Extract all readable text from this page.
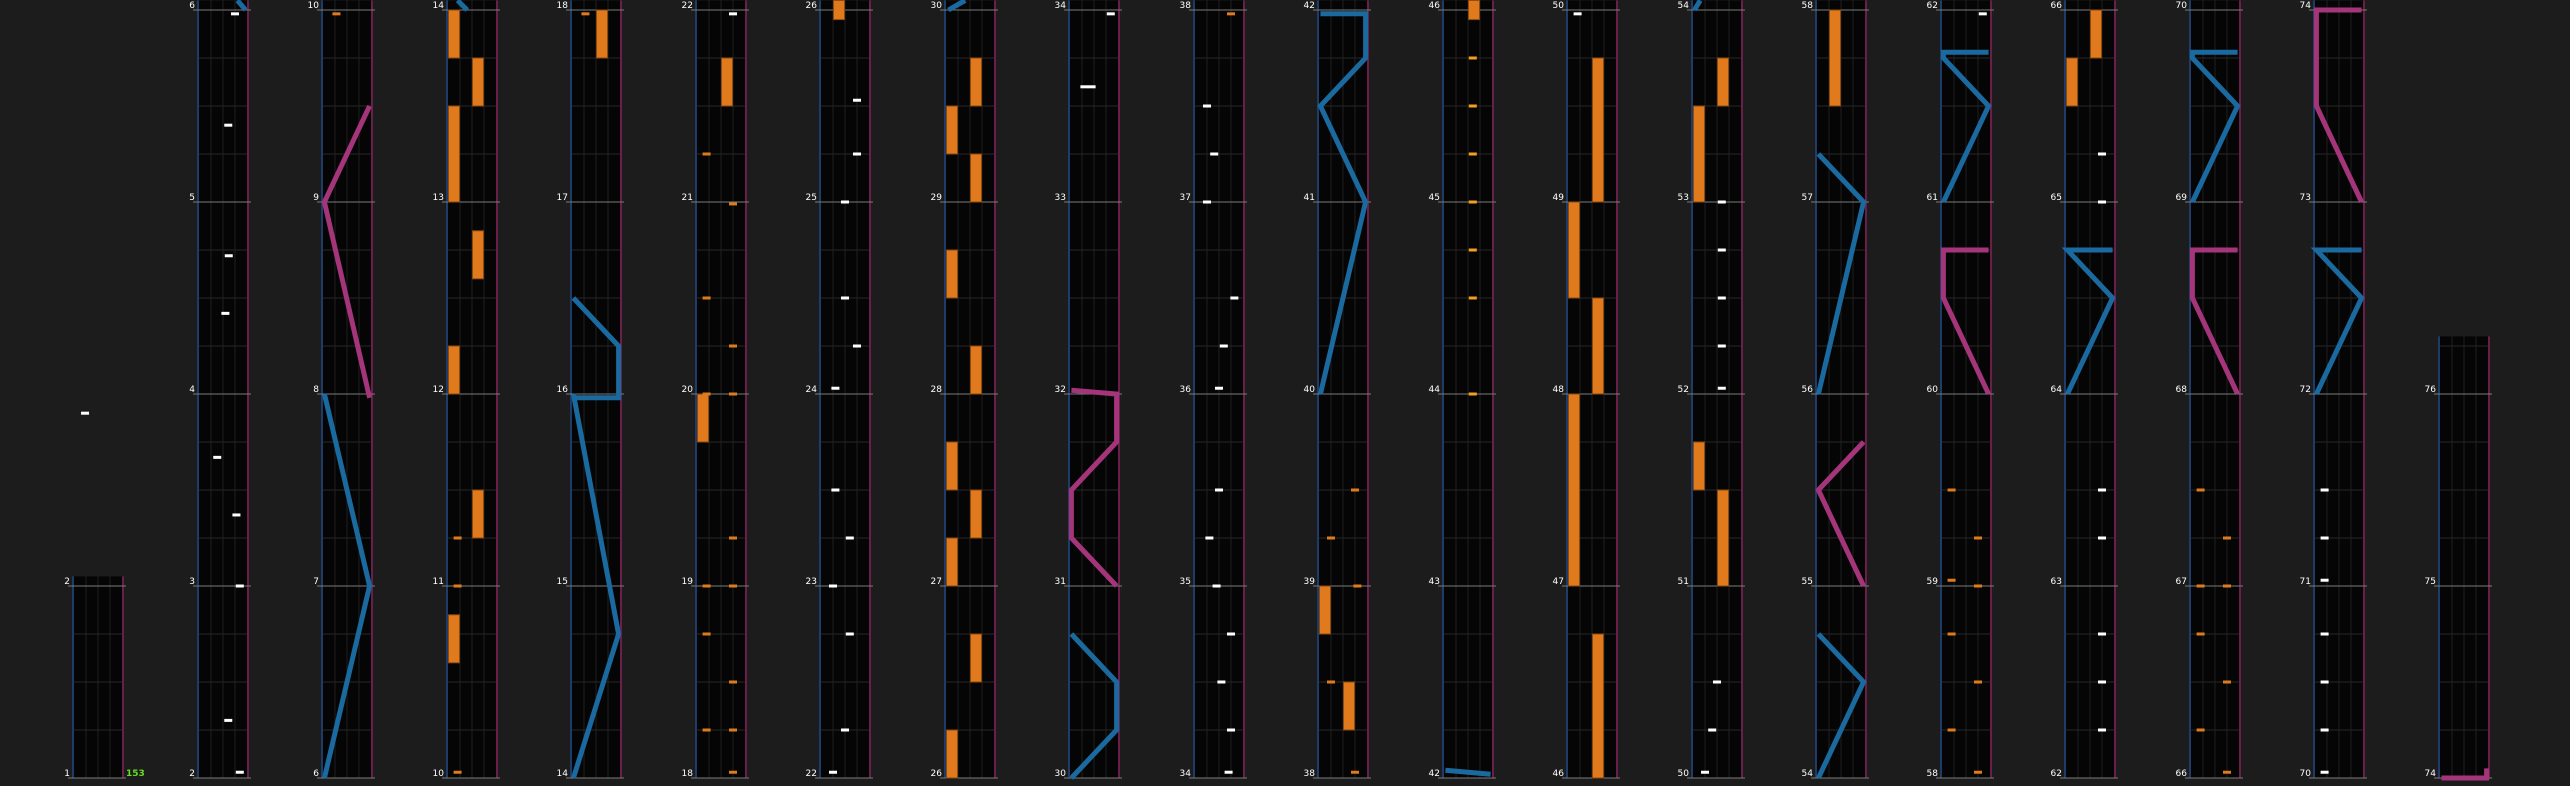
1
2
153	2
3
4
5
6
6
7
8
9
10
10
11
12
13
14
14
15
16
17
18
18
19
20
21
22
22
23
24
25
26
26
27
28
29
30
30
31
32
33
34
34
35
36
37
38
38
39
40
41
42
42
43
44
45
46
46
47
48
49
50
50
51
52
53
54
54
55
56
57
58
58
59
60
61
62
62
63
64
65
66
66
67
68
69
70
70
71
72
73
74
74
75
76
